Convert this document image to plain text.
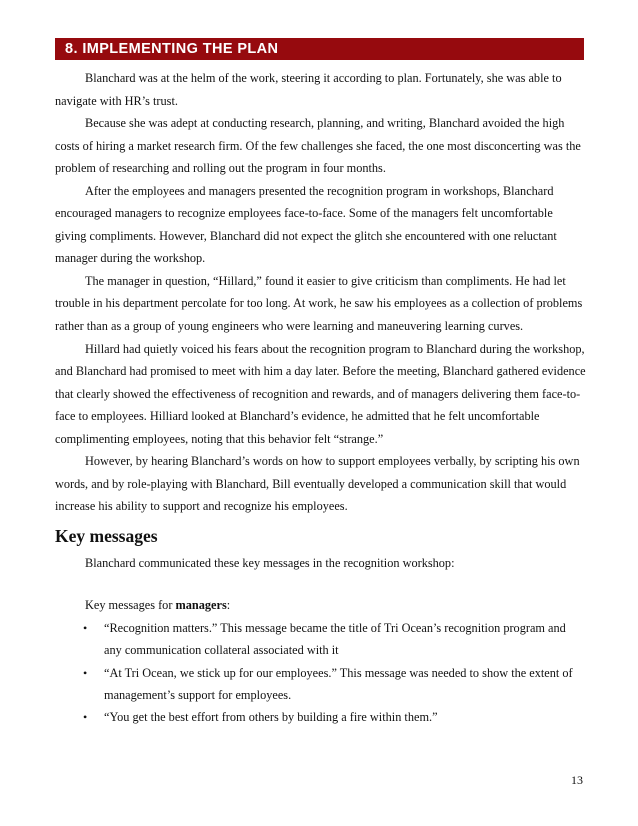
8. IMPLEMENTING THE PLAN

Blanchard was at the helm of the work, steering it according to plan. Fortunately, she was able to navigate with HR’s trust.

Because she was adept at conducting research, planning, and writing, Blanchard avoided the high costs of hiring a market research firm. Of the few challenges she faced, the one most disconcerting was the problem of researching and rolling out the program in four months.

After the employees and managers presented the recognition program in workshops, Blanchard encouraged managers to recognize employees face-to-face. Some of the managers felt uncomfortable giving compliments. However, Blanchard did not expect the glitch she encountered with one reluctant manager during the workshop.

The manager in question, “Hillard,” found it easier to give criticism than compliments. He had let trouble in his department percolate for too long. At work, he saw his employees as a collection of problems rather than as a group of young engineers who were learning and maneuvering learning curves.

Hillard had quietly voiced his fears about the recognition program to Blanchard during the workshop, and Blanchard had promised to meet with him a day later. Before the meeting, Blanchard gathered evidence that clearly showed the effectiveness of recognition and rewards, and of managers delivering them face-to-face to employees. Hilliard looked at Blanchard’s evidence, he admitted that he felt uncomfortable complimenting employees, noting that this behavior felt “strange.”

However, by hearing Blanchard’s words on how to support employees verbally, by scripting his own words, and by role-playing with Blanchard, Bill eventually developed a communication skill that would increase his ability to support and recognize his employees.

Key messages
Blanchard communicated these key messages in the recognition workshop:
Key messages for managers:
• “Recognition matters.” This message became the title of Tri Ocean’s recognition program and any communication collateral associated with it
• “At Tri Ocean, we stick up for our employees.” This message was needed to show the extent of management’s support for employees.
• “You get the best effort from others by building a fire within them.”
13
